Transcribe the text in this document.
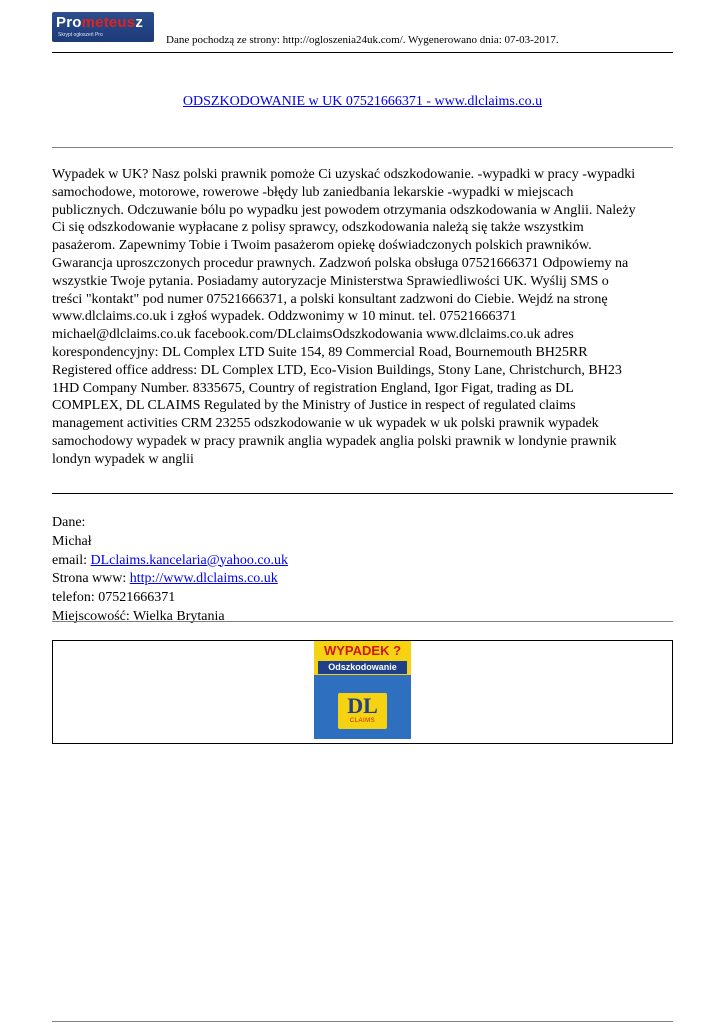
Prometeusz
Skrypt ogłoszeń Pro	Dane pochodzą ze strony: http://ogloszenia24uk.com/. Wygenerowano dnia: 07-03-2017.
ODSZKODOWANIE w UK 07521666371 - www.dlclaims.co.u
Wypadek w UK? Nasz polski prawnik pomoże Ci uzyskać odszkodowanie. -wypadki w pracy -wypadki
samochodowe, motorowe, rowerowe -błędy lub zaniedbania lekarskie -wypadki w miejscach
publicznych. Odczuwanie bólu po wypadku jest powodem otrzymania odszkodowania w Anglii. Należy
Ci się odszkodowanie wypłacane z polisy sprawcy, odszkodowania należą się także wszystkim
pasażerom. Zapewnimy Tobie i Twoim pasażerom opiekę doświadczonych polskich prawników.
Gwarancja uproszczonych procedur prawnych. Zadzwoń polska obsługa 07521666371 Odpowiemy na
wszystkie Twoje pytania. Posiadamy autoryzacje Ministerstwa Sprawiedliwości UK. Wyślij SMS o
treści "kontakt" pod numer 07521666371, a polski konsultant zadzwoni do Ciebie. Wejdź na stronę
www.dlclaims.co.uk i zgłoś wypadek. Oddzwonimy w 10 minut. tel. 07521666371
michael@dlclaims.co.uk facebook.com/DLclaimsOdszkodowania www.dlclaims.co.uk adres
korespondencyjny: DL Complex LTD Suite 154, 89 Commercial Road, Bournemouth BH25RR
Registered office address: DL Complex LTD, Eco-Vision Buildings, Stony Lane, Christchurch, BH23
1HD Company Number. 8335675, Country of registration England, Igor Figat, trading as DL
COMPLEX, DL CLAIMS Regulated by the Ministry of Justice in respect of regulated claims
management activities CRM 23255 odszkodowanie w uk wypadek w uk polski prawnik wypadek
samochodowy wypadek w pracy prawnik anglia wypadek anglia polski prawnik w londynie prawnik
londyn wypadek w anglii
Dane:
Michał
email: DLclaims.kancelaria@yahoo.co.uk
Strona www: http://www.dlclaims.co.uk
telefon: 07521666371
Miejscowość: Wielka Brytania
WYPADEK ?
Odszkodowanie
DL
CLAIMS
